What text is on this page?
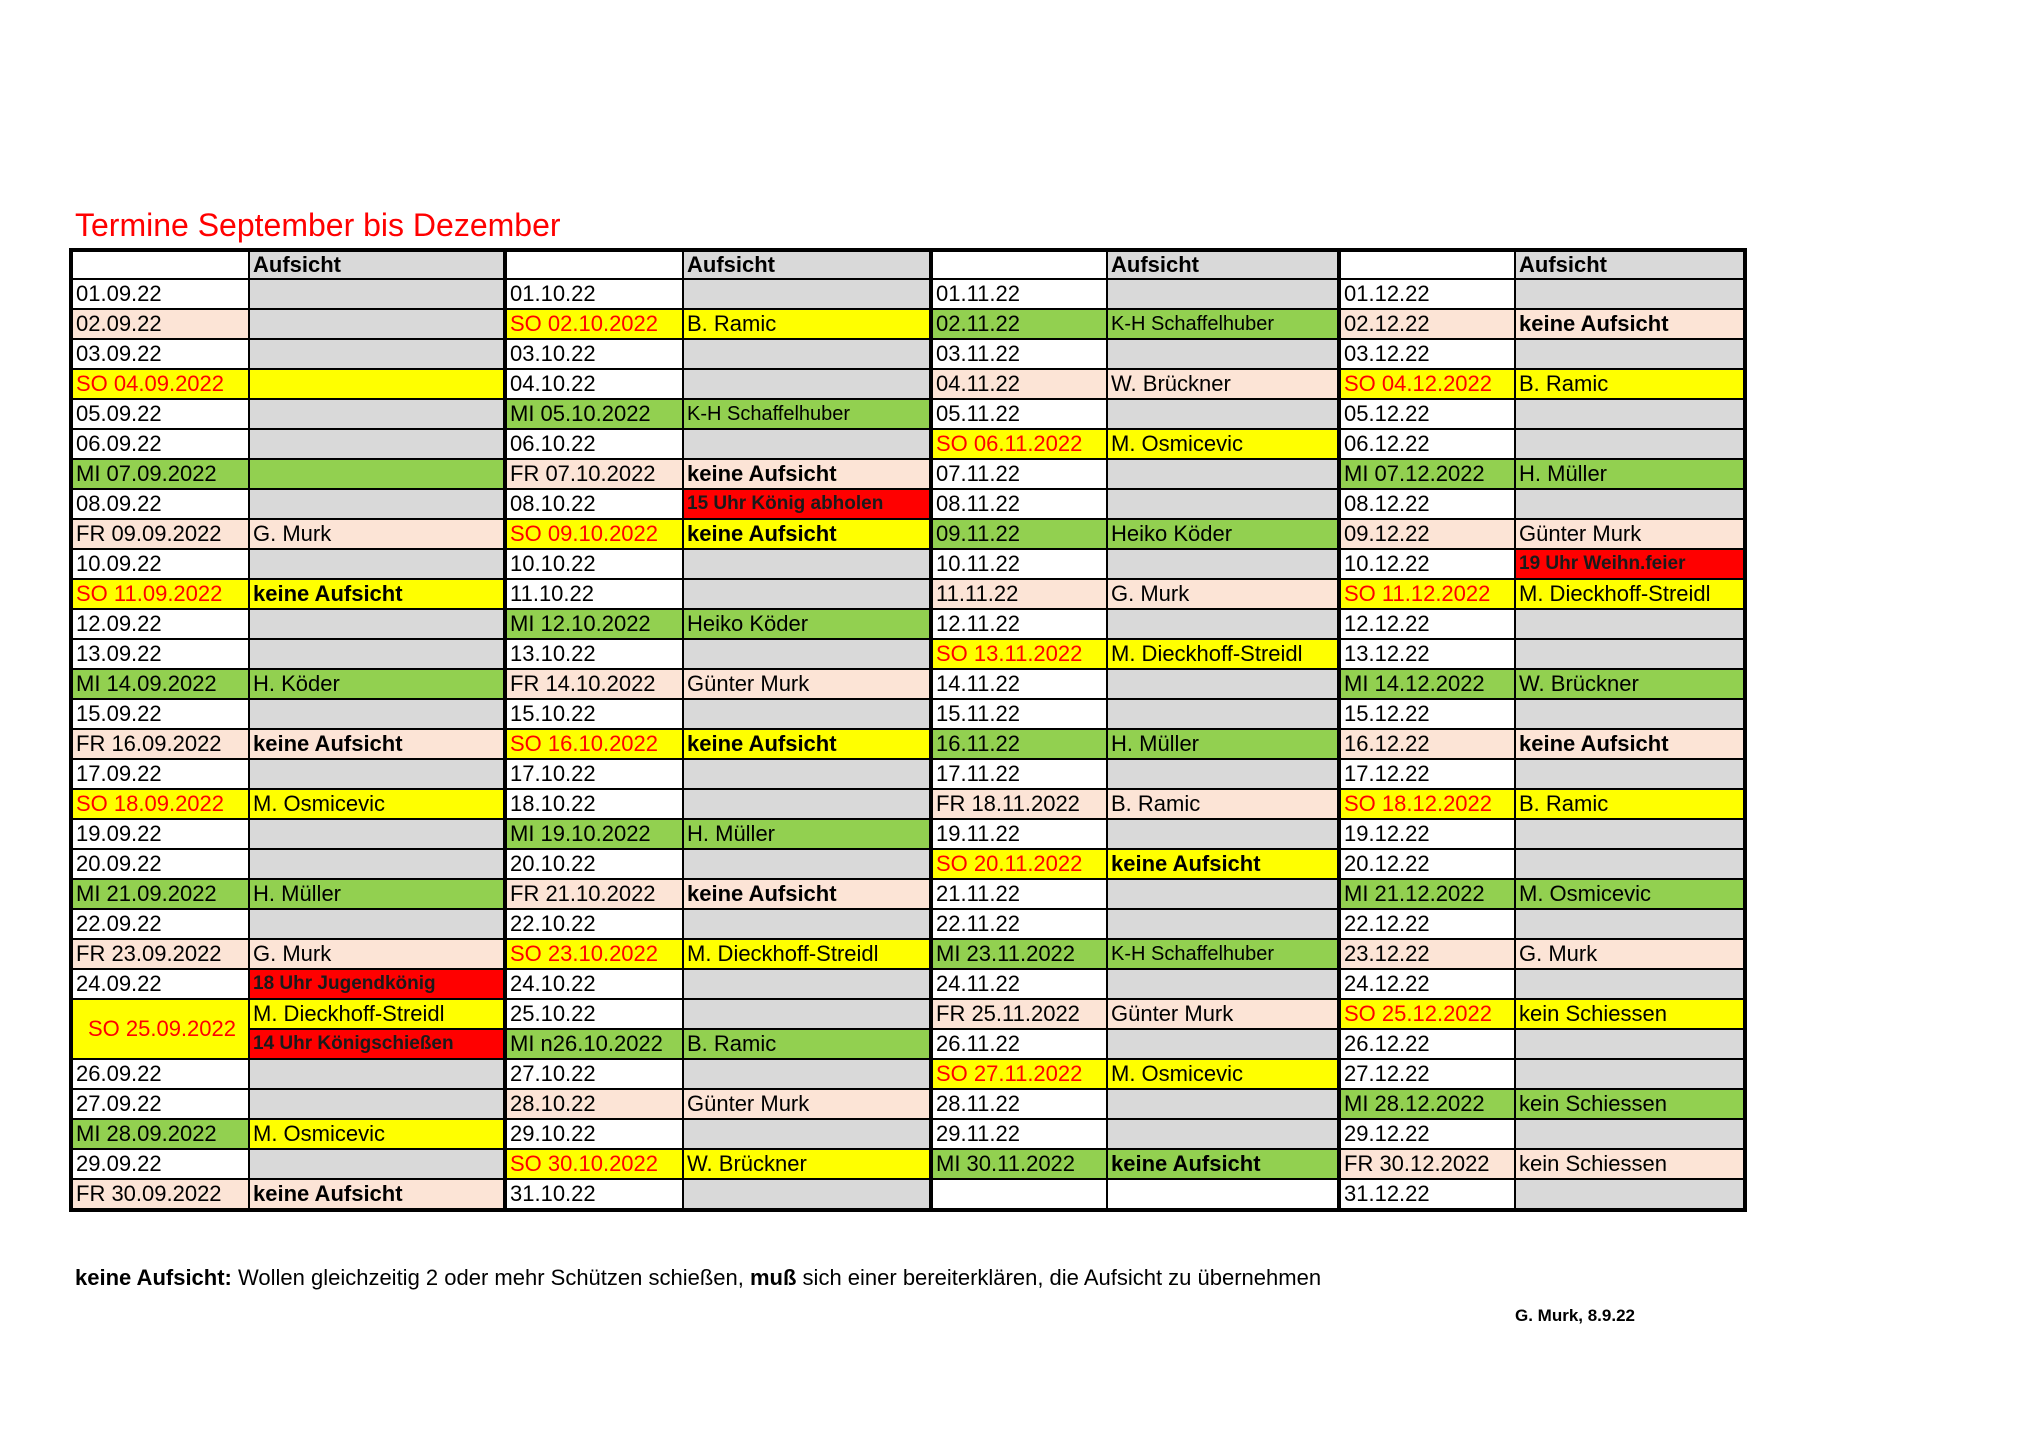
Termine September bis Dezember
	Aufsicht		Aufsicht		Aufsicht		Aufsicht
01.09.22		01.10.22		01.11.22		01.12.22	
02.09.22		SO 02.10.2022	B. Ramic	02.11.22	K-H Schaffelhuber	02.12.22	keine Aufsicht
03.09.22		03.10.22		03.11.22		03.12.22	
SO 04.09.2022		04.10.22		04.11.22	W. Brückner	SO 04.12.2022	B. Ramic
05.09.22		MI 05.10.2022	K-H Schaffelhuber	05.11.22		05.12.22	
06.09.22		06.10.22		SO 06.11.2022	M. Osmicevic	06.12.22	
MI 07.09.2022		FR 07.10.2022	keine Aufsicht	07.11.22		MI 07.12.2022	H. Müller
08.09.22		08.10.22	15 Uhr König abholen	08.11.22		08.12.22	
FR 09.09.2022	G. Murk	SO 09.10.2022	keine Aufsicht	09.11.22	Heiko Köder	09.12.22	Günter Murk
10.09.22		10.10.22		10.11.22		10.12.22	19 Uhr Weihn.feier
SO 11.09.2022	keine Aufsicht	11.10.22		11.11.22	G. Murk	SO 11.12.2022	M. Dieckhoff-Streidl
12.09.22		MI 12.10.2022	Heiko Köder	12.11.22		12.12.22	
13.09.22		13.10.22		SO 13.11.2022	M. Dieckhoff-Streidl	13.12.22	
MI 14.09.2022	H. Köder	FR 14.10.2022	Günter Murk	14.11.22		MI 14.12.2022	W. Brückner
15.09.22		15.10.22		15.11.22		15.12.22	
FR 16.09.2022	keine Aufsicht	SO 16.10.2022	keine Aufsicht	16.11.22	H. Müller	16.12.22	keine Aufsicht
17.09.22		17.10.22		17.11.22		17.12.22	
SO 18.09.2022	M. Osmicevic	18.10.22		FR 18.11.2022	B. Ramic	SO 18.12.2022	B. Ramic
19.09.22		MI 19.10.2022	H. Müller	19.11.22		19.12.22	
20.09.22		20.10.22		SO 20.11.2022	keine Aufsicht	20.12.22	
MI 21.09.2022	H. Müller	FR 21.10.2022	keine Aufsicht	21.11.22		MI 21.12.2022	M. Osmicevic
22.09.22		22.10.22		22.11.22		22.12.22	
FR 23.09.2022	G. Murk	SO 23.10.2022	M. Dieckhoff-Streidl	MI 23.11.2022	K-H Schaffelhuber	23.12.22	G. Murk
24.09.22	18 Uhr Jugendkönig	24.10.22		24.11.22		24.12.22	
SO 25.09.2022	M. Dieckhoff-Streidl	25.10.22		FR 25.11.2022	Günter Murk	SO 25.12.2022	kein Schiessen
	14 Uhr Königschießen	MI n26.10.2022	B. Ramic	26.11.22		26.12.22	
26.09.22		27.10.22		SO 27.11.2022	M. Osmicevic	27.12.22	
27.09.22		28.10.22	Günter Murk	28.11.22		MI 28.12.2022	kein Schiessen
MI 28.09.2022	M. Osmicevic	29.10.22		29.11.22		29.12.22	
29.09.22		SO 30.10.2022	W. Brückner	MI 30.11.2022	keine Aufsicht	FR 30.12.2022	kein Schiessen
FR 30.09.2022	keine Aufsicht	31.10.22				31.12.22	
keine Aufsicht: Wollen gleichzeitig 2 oder mehr Schützen schießen, muß sich einer bereiterklären, die Aufsicht zu übernehmen
G. Murk, 8.9.22
